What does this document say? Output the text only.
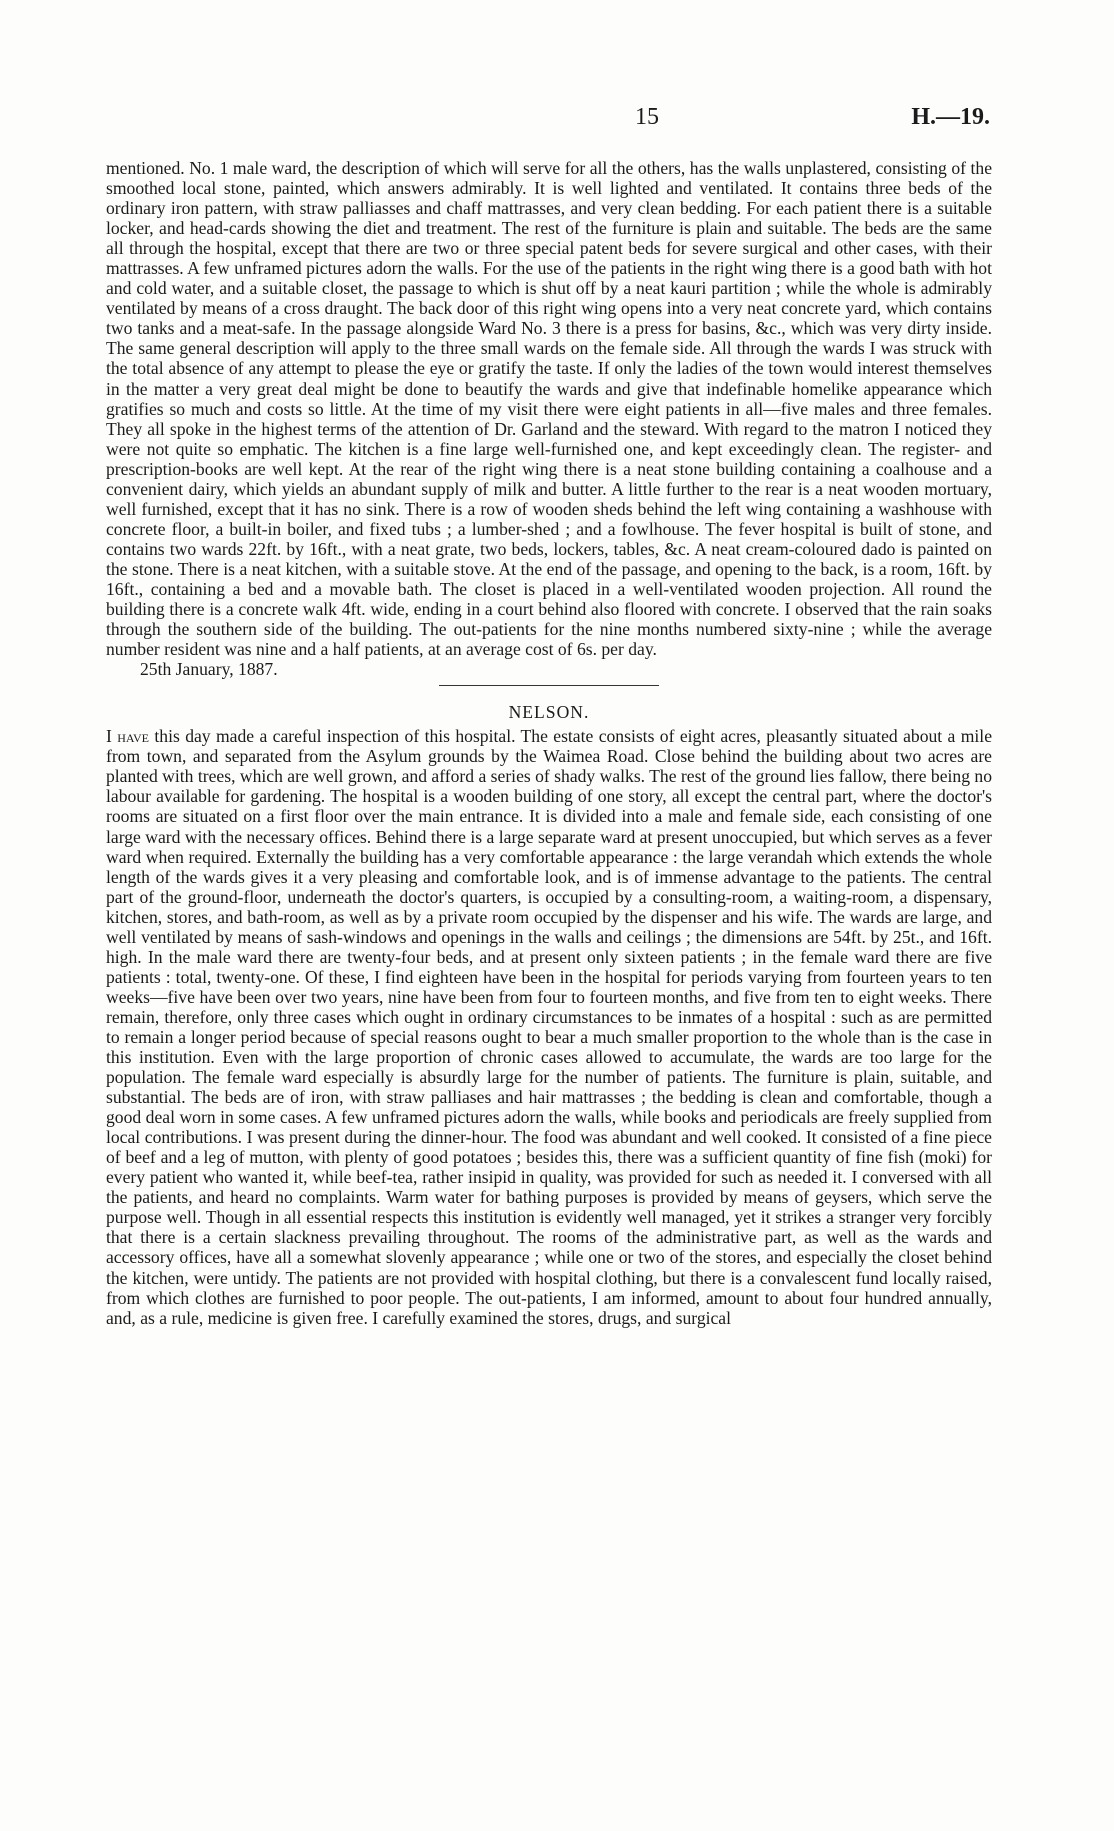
15	H.—19.

mentioned. No. 1 male ward, the description of which will serve for all the others, has the walls unplastered, consisting of the smoothed local stone, painted, which answers admirably. It is well lighted and ventilated. It contains three beds of the ordinary iron pattern, with straw palliasses and chaff mattrasses, and very clean bedding. For each patient there is a suitable locker, and head-cards showing the diet and treatment. The rest of the furniture is plain and suitable. The beds are the same all through the hospital, except that there are two or three special patent beds for severe surgical and other cases, with their mattrasses. A few unframed pictures adorn the walls. For the use of the patients in the right wing there is a good bath with hot and cold water, and a suitable closet, the passage to which is shut off by a neat kauri partition ; while the whole is admirably ventilated by means of a cross draught. The back door of this right wing opens into a very neat concrete yard, which contains two tanks and a meat-safe. In the passage alongside Ward No. 3 there is a press for basins, &c., which was very dirty inside. The same general description will apply to the three small wards on the female side. All through the wards I was struck with the total absence of any attempt to please the eye or gratify the taste. If only the ladies of the town would interest themselves in the matter a very great deal might be done to beautify the wards and give that indefinable homelike appearance which gratifies so much and costs so little. At the time of my visit there were eight patients in all—five males and three females. They all spoke in the highest terms of the attention of Dr. Garland and the steward. With regard to the matron I noticed they were not quite so emphatic. The kitchen is a fine large well-furnished one, and kept exceedingly clean. The register- and prescription-books are well kept. At the rear of the right wing there is a neat stone building containing a coalhouse and a convenient dairy, which yields an abundant supply of milk and butter. A little further to the rear is a neat wooden mortuary, well furnished, except that it has no sink. There is a row of wooden sheds behind the left wing containing a washhouse with concrete floor, a built-in boiler, and fixed tubs ; a lumber-shed ; and a fowlhouse. The fever hospital is built of stone, and contains two wards 22ft. by 16ft., with a neat grate, two beds, lockers, tables, &c. A neat cream-coloured dado is painted on the stone. There is a neat kitchen, with a suitable stove. At the end of the passage, and opening to the back, is a room, 16ft. by 16ft., containing a bed and a movable bath. The closet is placed in a well-ventilated wooden projection. All round the building there is a concrete walk 4ft. wide, ending in a court behind also floored with concrete. I observed that the rain soaks through the southern side of the building. The out-patients for the nine months numbered sixty-nine ; while the average number resident was nine and a half patients, at an average cost of 6s. per day.

25th January, 1887.

NELSON.

I have this day made a careful inspection of this hospital. The estate consists of eight acres, pleasantly situated about a mile from town, and separated from the Asylum grounds by the Waimea Road. Close behind the building about two acres are planted with trees, which are well grown, and afford a series of shady walks. The rest of the ground lies fallow, there being no labour available for gardening. The hospital is a wooden building of one story, all except the central part, where the doctor's rooms are situated on a first floor over the main entrance. It is divided into a male and female side, each consisting of one large ward with the necessary offices. Behind there is a large separate ward at present unoccupied, but which serves as a fever ward when required. Externally the building has a very comfortable appearance : the large verandah which extends the whole length of the wards gives it a very pleasing and comfortable look, and is of immense advantage to the patients. The central part of the ground-floor, underneath the doctor's quarters, is occupied by a consulting-room, a waiting-room, a dispensary, kitchen, stores, and bath-room, as well as by a private room occupied by the dispenser and his wife. The wards are large, and well ventilated by means of sash-windows and openings in the walls and ceilings ; the dimensions are 54ft. by 25t., and 16ft. high. In the male ward there are twenty-four beds, and at present only sixteen patients ; in the female ward there are five patients : total, twenty-one. Of these, I find eighteen have been in the hospital for periods varying from fourteen years to ten weeks—five have been over two years, nine have been from four to fourteen months, and five from ten to eight weeks. There remain, therefore, only three cases which ought in ordinary circumstances to be inmates of a hospital : such as are permitted to remain a longer period because of special reasons ought to bear a much smaller proportion to the whole than is the case in this institution. Even with the large proportion of chronic cases allowed to accumulate, the wards are too large for the population. The female ward especially is absurdly large for the number of patients. The furniture is plain, suitable, and substantial. The beds are of iron, with straw palliases and hair mattrasses ; the bedding is clean and comfortable, though a good deal worn in some cases. A few unframed pictures adorn the walls, while books and periodicals are freely supplied from local contributions. I was present during the dinner-hour. The food was abundant and well cooked. It consisted of a fine piece of beef and a leg of mutton, with plenty of good potatoes ; besides this, there was a sufficient quantity of fine fish (moki) for every patient who wanted it, while beef-tea, rather insipid in quality, was provided for such as needed it. I conversed with all the patients, and heard no complaints. Warm water for bathing purposes is provided by means of geysers, which serve the purpose well. Though in all essential respects this institution is evidently well managed, yet it strikes a stranger very forcibly that there is a certain slackness prevailing throughout. The rooms of the administrative part, as well as the wards and accessory offices, have all a somewhat slovenly appearance ; while one or two of the stores, and especially the closet behind the kitchen, were untidy. The patients are not provided with hospital clothing, but there is a convalescent fund locally raised, from which clothes are furnished to poor people. The out-patients, I am informed, amount to about four hundred annually, and, as a rule, medicine is given free. I carefully examined the stores, drugs, and surgical
